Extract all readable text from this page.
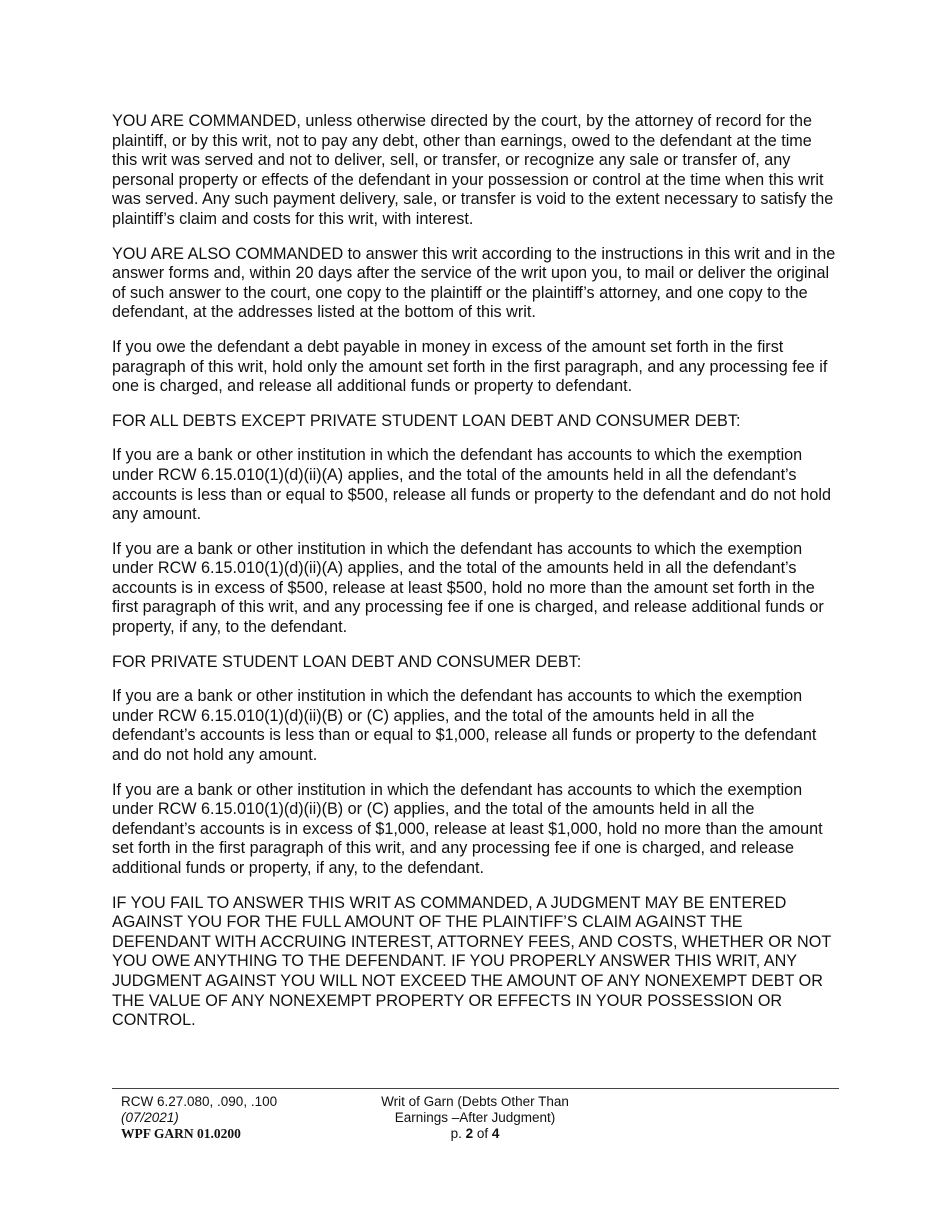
YOU ARE COMMANDED, unless otherwise directed by the court, by the attorney of record for the plaintiff, or by this writ, not to pay any debt, other than earnings, owed to the defendant at the time this writ was served and not to deliver, sell, or transfer, or recognize any sale or transfer of, any personal property or effects of the defendant in your possession or control at the time when this writ was served. Any such payment delivery, sale, or transfer is void to the extent necessary to satisfy the plaintiff’s claim and costs for this writ, with interest.

YOU ARE ALSO COMMANDED to answer this writ according to the instructions in this writ and in the answer forms and, within 20 days after the service of the writ upon you, to mail or deliver the original of such answer to the court, one copy to the plaintiff or the plaintiff’s attorney, and one copy to the defendant, at the addresses listed at the bottom of this writ.

If you owe the defendant a debt payable in money in excess of the amount set forth in the first paragraph of this writ, hold only the amount set forth in the first paragraph, and any processing fee if one is charged, and release all additional funds or property to defendant.

FOR ALL DEBTS EXCEPT PRIVATE STUDENT LOAN DEBT AND CONSUMER DEBT:

If you are a bank or other institution in which the defendant has accounts to which the exemption under RCW 6.15.010(1)(d)(ii)(A) applies, and the total of the amounts held in all the defendant’s accounts is less than or equal to $500, release all funds or property to the defendant and do not hold any amount.

If you are a bank or other institution in which the defendant has accounts to which the exemption under RCW 6.15.010(1)(d)(ii)(A) applies, and the total of the amounts held in all the defendant’s accounts is in excess of $500, release at least $500, hold no more than the amount set forth in the first paragraph of this writ, and any processing fee if one is charged, and release additional funds or property, if any, to the defendant.

FOR PRIVATE STUDENT LOAN DEBT AND CONSUMER DEBT:

If you are a bank or other institution in which the defendant has accounts to which the exemption under RCW 6.15.010(1)(d)(ii)(B) or (C) applies, and the total of the amounts held in all the defendant’s accounts is less than or equal to $1,000, release all funds or property to the defendant and do not hold any amount.

If you are a bank or other institution in which the defendant has accounts to which the exemption under RCW 6.15.010(1)(d)(ii)(B) or (C) applies, and the total of the amounts held in all the defendant’s accounts is in excess of $1,000, release at least $1,000, hold no more than the amount set forth in the first paragraph of this writ, and any processing fee if one is charged, and release additional funds or property, if any, to the defendant.

IF YOU FAIL TO ANSWER THIS WRIT AS COMMANDED, A JUDGMENT MAY BE ENTERED AGAINST YOU FOR THE FULL AMOUNT OF THE PLAINTIFF’S CLAIM AGAINST THE DEFENDANT WITH ACCRUING INTEREST, ATTORNEY FEES, AND COSTS, WHETHER OR NOT YOU OWE ANYTHING TO THE DEFENDANT. IF YOU PROPERLY ANSWER THIS WRIT, ANY JUDGMENT AGAINST YOU WILL NOT EXCEED THE AMOUNT OF ANY NONEXEMPT DEBT OR THE VALUE OF ANY NONEXEMPT PROPERTY OR EFFECTS IN YOUR POSSESSION OR CONTROL.

RCW 6.27.080, .090, .100
(07/2021)
WPF GARN 01.0200
Writ of Garn (Debts Other Than
Earnings –After Judgment)
p. 2 of 4
